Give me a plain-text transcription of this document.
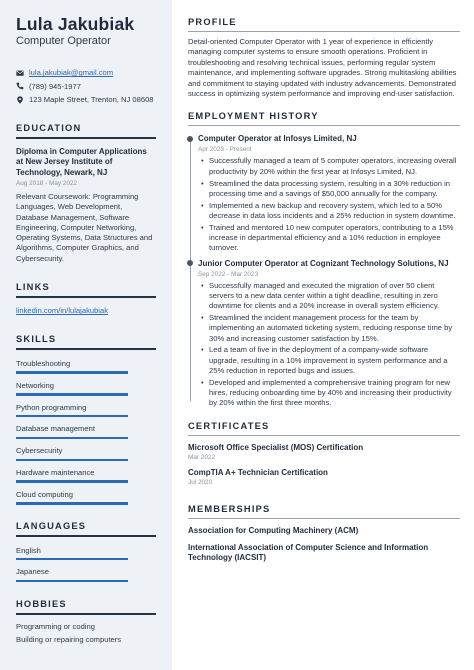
Lula Jakubiak
Computer Operator
lula.jakubiak@gmail.com
(789) 945-1977
123 Maple Street, Trenton, NJ 08608
EDUCATION
Diploma in Computer Applications at New Jersey Institute of Technology, Newark, NJ
Aug 2018 - May 2022
Relevant Coursework: Programming Languages, Web Development, Database Management, Software Engineering, Computer Networking, Operating Systems, Data Structures and Algorithms, Computer Graphics, and Cybersecurity.
LINKS
linkedin.com/in/lulajakubiak
SKILLS
Troubleshooting
Networking
Python programming
Database management
Cybersecurity
Hardware maintenance
Cloud computing
LANGUAGES
English
Japanese
HOBBIES
Programming or coding
Building or repairing computers
PROFILE
Detail-oriented Computer Operator with 1 year of experience in efficiently managing computer systems to ensure smooth operations. Proficient in troubleshooting and resolving technical issues, performing regular system maintenance, and implementing software upgrades. Strong multitasking abilities and commitment to staying updated with industry advancements. Demonstrated success in optimizing system performance and improving end-user satisfaction.
EMPLOYMENT HISTORY
Computer Operator at Infosys Limited, NJ
Apr 2023 - Present
• Successfully managed a team of 5 computer operators, increasing overall productivity by 20% within the first year at Infosys Limited, NJ.
• Streamlined the data processing system, resulting in a 30% reduction in processing time and a savings of $50,000 annually for the company.
• Implemented a new backup and recovery system, which led to a 50% decrease in data loss incidents and a 25% reduction in system downtime.
• Trained and mentored 10 new computer operators, contributing to a 15% increase in departmental efficiency and a 10% reduction in employee turnover.
Junior Computer Operator at Cognizant Technology Solutions, NJ
Sep 2022 - Mar 2023
• Successfully managed and executed the migration of over 50 client servers to a new data center within a tight deadline, resulting in zero downtime for clients and a 20% increase in overall system efficiency.
• Streamlined the incident management process for the team by implementing an automated ticketing system, reducing response time by 30% and increasing customer satisfaction by 15%.
• Led a team of five in the deployment of a company-wide software upgrade, resulting in a 10% improvement in system performance and a 25% reduction in reported bugs and issues.
• Developed and implemented a comprehensive training program for new hires, reducing onboarding time by 40% and increasing their productivity by 20% within the first three months.
CERTIFICATES
Microsoft Office Specialist (MOS) Certification
Mar 2022
CompTIA A+ Technician Certification
Jul 2020
MEMBERSHIPS
Association for Computing Machinery (ACM)
International Association of Computer Science and Information Technology (IACSIT)
